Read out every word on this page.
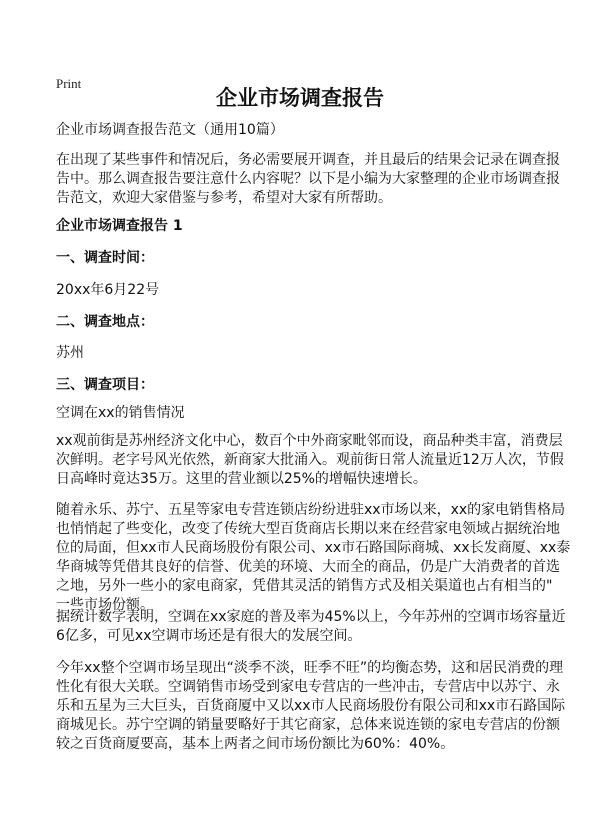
Print
企业市场调查报告
企业市场调查报告范文（通用10篇）
在出现了某些事件和情况后，务必需要展开调查，并且最后的结果会记录在调查报
告中。那么调查报告要注意什么内容呢？以下是小编为大家整理的企业市场调查报
告范文，欢迎大家借鉴与参考，希望对大家有所帮助。
企业市场调查报告 1
一、调查时间：
20xx年6月22号
二、调查地点：
苏州
三、调查项目：
空调在xx的销售情况
xx观前街是苏州经济文化中心，数百个中外商家毗邻而设，商品种类丰富，消费层
次鲜明。老字号风光依然，新商家大批涌入。观前街日常人流量近12万人次，节假
日高峰时竟达35万。这里的营业额以25%的增幅快速增长。
随着永乐、苏宁、五星等家电专营连锁店纷纷进驻xx市场以来，xx的家电销售格局
也悄悄起了些变化，改变了传统大型百货商店长期以来在经营家电领域占据统治地
位的局面，但xx市人民商场股份有限公司、xx市石路国际商城、xx长发商厦、xx泰
华商城等凭借其良好的信誉、优美的环境、大而全的商品，仍是广大消费者的首选
之地，另外一些小的家电商家，凭借其灵活的销售方式及相关渠道也占有相当的"
一些市场份额。
据统计数字表明，空调在xx家庭的普及率为45%以上，今年苏州的空调市场容量近
6亿多，可见xx空调市场还是有很大的发展空间。
今年xx整个空调市场呈现出“淡季不淡，旺季不旺”的均衡态势，这和居民消费的理
性化有很大关联。空调销售市场受到家电专营店的一些冲击，专营店中以苏宁、永
乐和五星为三大巨头，百货商厦中又以xx市人民商场股份有限公司和xx市石路国际
商城见长。苏宁空调的销量要略好于其它商家，总体来说连锁的家电专营店的份额
较之百货商厦要高，基本上两者之间市场份额比为60%：40%。
